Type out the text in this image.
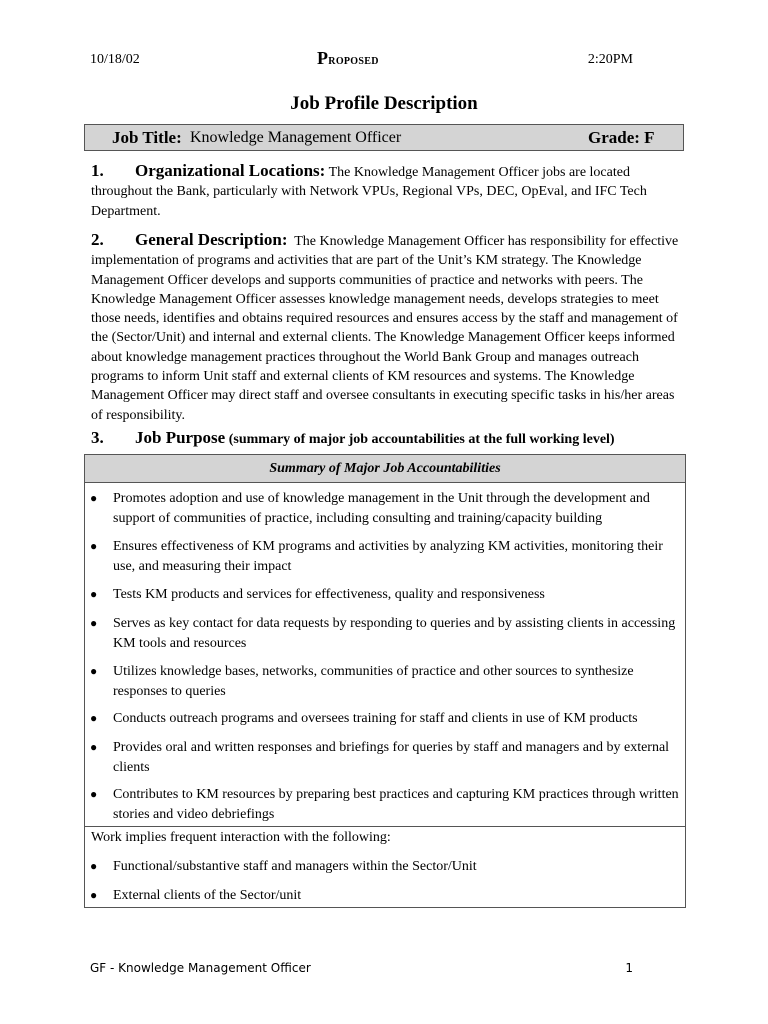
10/18/02	Proposed	2:20PM
Job Profile Description
Job Title: Knowledge Management Officer	Grade: F
1. Organizational Locations: The Knowledge Management Officer jobs are located throughout the Bank, particularly with Network VPUs, Regional VPs, DEC, OpEval, and IFC Tech Department.
2. General Description: The Knowledge Management Officer has responsibility for effective implementation of programs and activities that are part of the Unit’s KM strategy. The Knowledge Management Officer develops and supports communities of practice and networks with peers. The Knowledge Management Officer assesses knowledge management needs, develops strategies to meet those needs, identifies and obtains required resources and ensures access by the staff and management of the (Sector/Unit) and internal and external clients. The Knowledge Management Officer keeps informed about knowledge management practices throughout the World Bank Group and manages outreach programs to inform Unit staff and external clients of KM resources and systems. The Knowledge Management Officer may direct staff and oversee consultants in executing specific tasks in his/her areas of responsibility.
3. Job Purpose (summary of major job accountabilities at the full working level)
Summary of Major Job Accountabilities
● Promotes adoption and use of knowledge management in the Unit through the development and support of communities of practice, including consulting and training/capacity building
● Ensures effectiveness of KM programs and activities by analyzing KM activities, monitoring their use, and measuring their impact
● Tests KM products and services for effectiveness, quality and responsiveness
● Serves as key contact for data requests by responding to queries and by assisting clients in accessing KM tools and resources
● Utilizes knowledge bases, networks, communities of practice and other sources to synthesize responses to queries
● Conducts outreach programs and oversees training for staff and clients in use of KM products
● Provides oral and written responses and briefings for queries by staff and managers and by external clients
● Contributes to KM resources by preparing best practices and capturing KM practices through written stories and video debriefings
Work implies frequent interaction with the following:
● Functional/substantive staff and managers within the Sector/Unit
● External clients of the Sector/unit
GF - Knowledge Management Officer	1
